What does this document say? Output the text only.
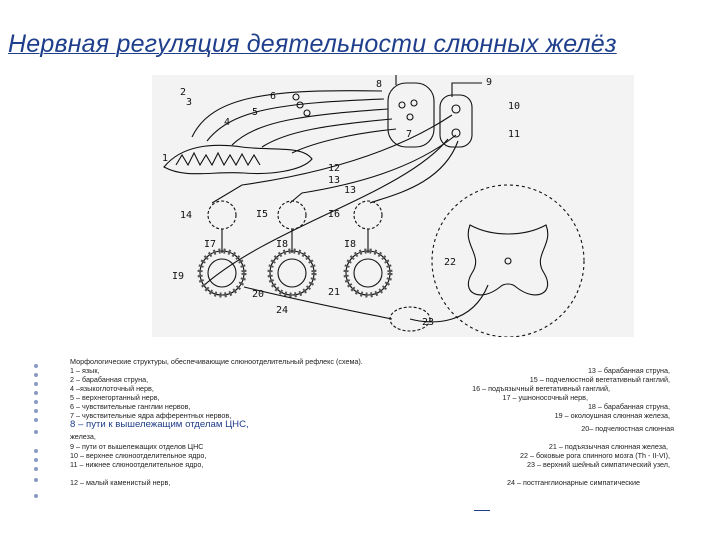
Нервная регуляция деятельности слюнных желёз
2
3
4
6
5
8	9
10
11
7
12
13
13
14	I5	I6
I7	I8	I8
I9
20	21
22
23
24
1
Морфологические структуры, обеспечивающие слюноотделительный рефлекс (схема).
1 – язык,	13 – барабанная струна,
2 – барабанная струна,	15 – подчелюстной вегетативный ганглий,
4 –языкоглоточный нерв,	16 – подъязычный вегетативный ганглий,
5 – верхнегортанный нерв,	17 – ушноносочный нерв,
6 – чувствительные ганглии нервов,	18 – барабанная струна,
7 – чувствительные ядра афферентных нервов,	19 – околоушная слюнная железа,
8 – пути к вышележащим отделам ЦНС,	20– подчелюстная слюнная
железа,
9 – пути от вышележащих отделов ЦНС	21 – подъязычная слюнная железа,
10 – верхнее слюноотделительное ядро,	22 – боковые рога спинного мозга (Тh - II-VI),
11 – нижнее слюноотделительное ядро,	23 – верхний шейный симпатический узел,
12 – малый каменистый нерв,	24 – постганглионарные симпатические
